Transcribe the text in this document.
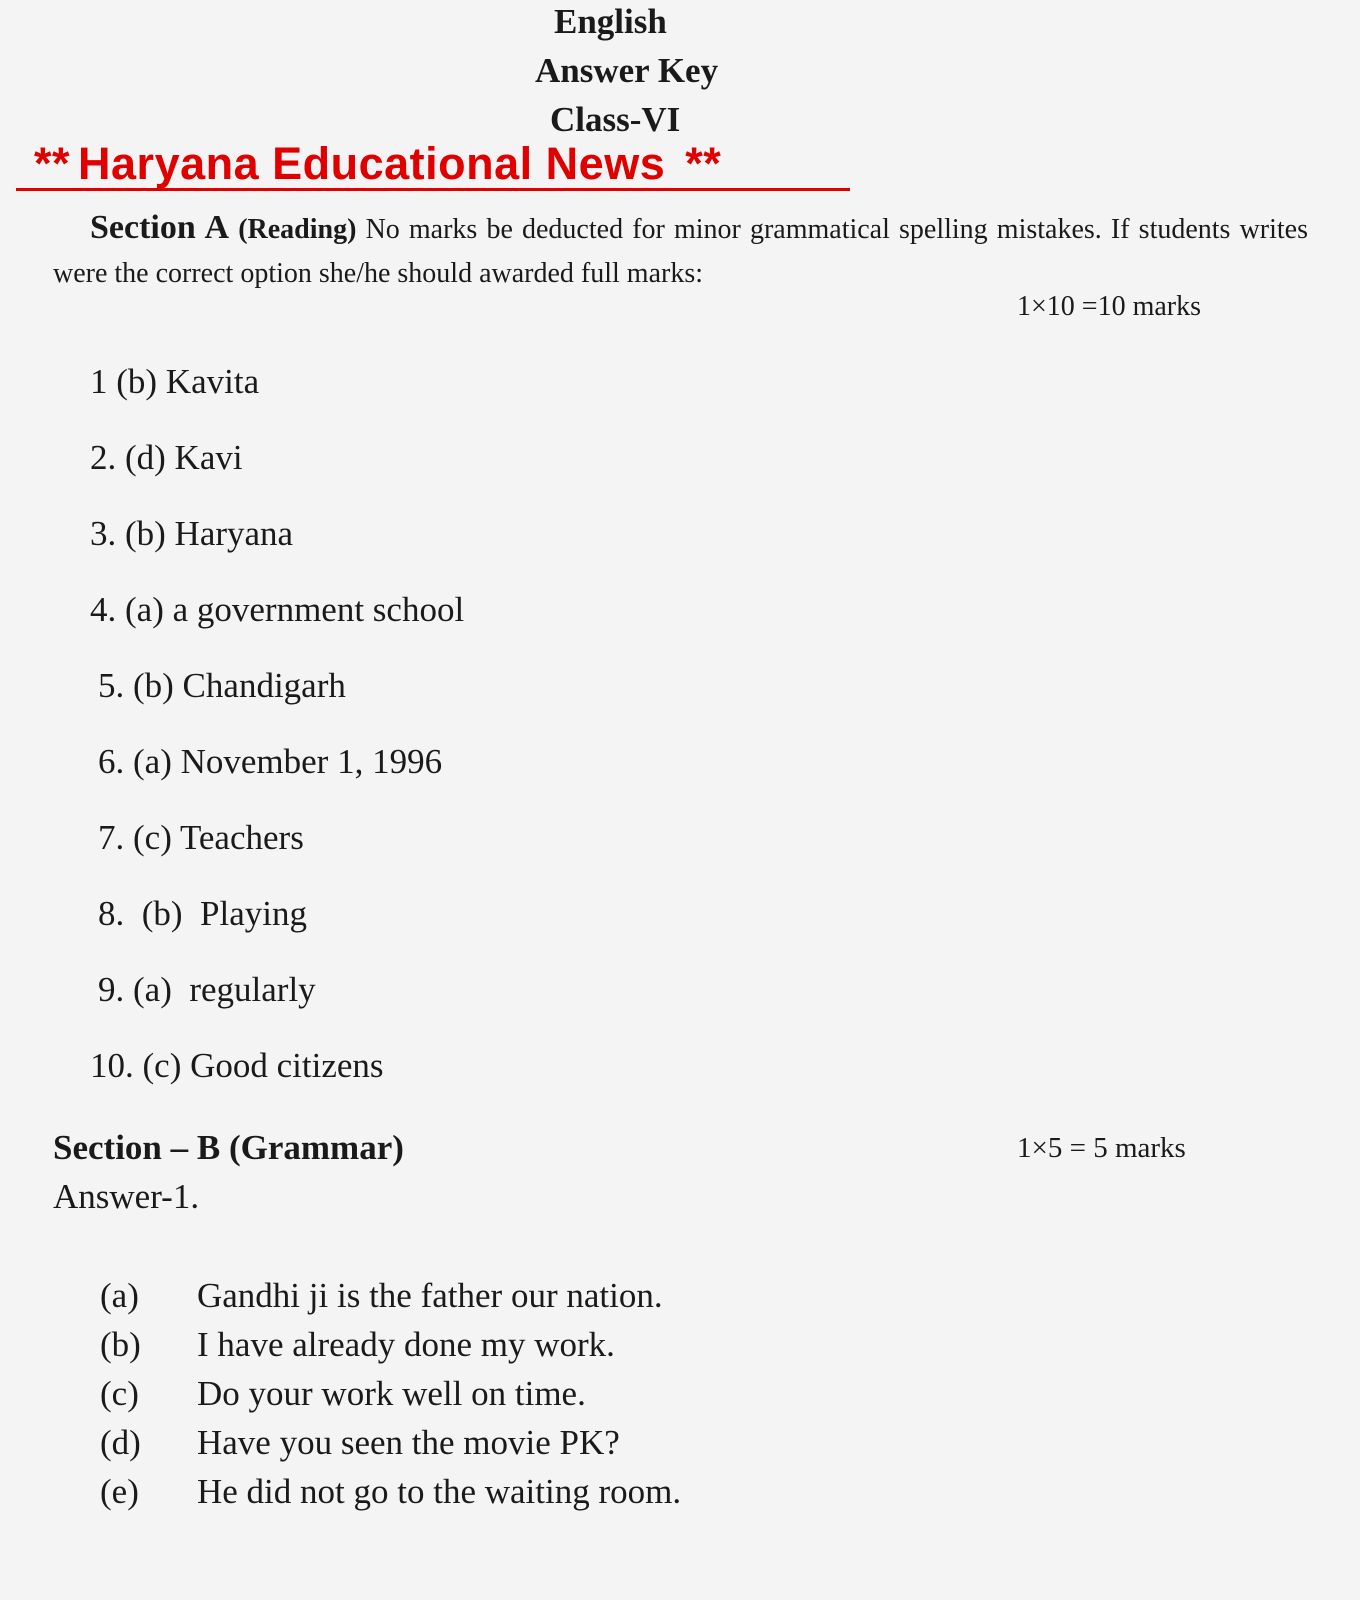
English
Answer Key
Class-VI
** Haryana Educational News **
Section A (Reading) No marks be deducted for minor grammatical spelling mistakes. If students writes were the correct option she/he should awarded full marks:
1×10 =10 marks
1 (b) Kavita
2. (d) Kavi
3. (b) Haryana
4. (a) a government school
5. (b) Chandigarh
6. (a) November 1, 1996
7. (c) Teachers
8.  (b)  Playing
9. (a)  regularly
10. (c) Good citizens
Section – B (Grammar)	1×5 = 5 marks
Answer-1.
(a) Gandhi ji is the father our nation.
(b) I have already done my work.
(c) Do your work well on time.
(d) Have you seen the movie PK?
(e) He did not go to the waiting room.
